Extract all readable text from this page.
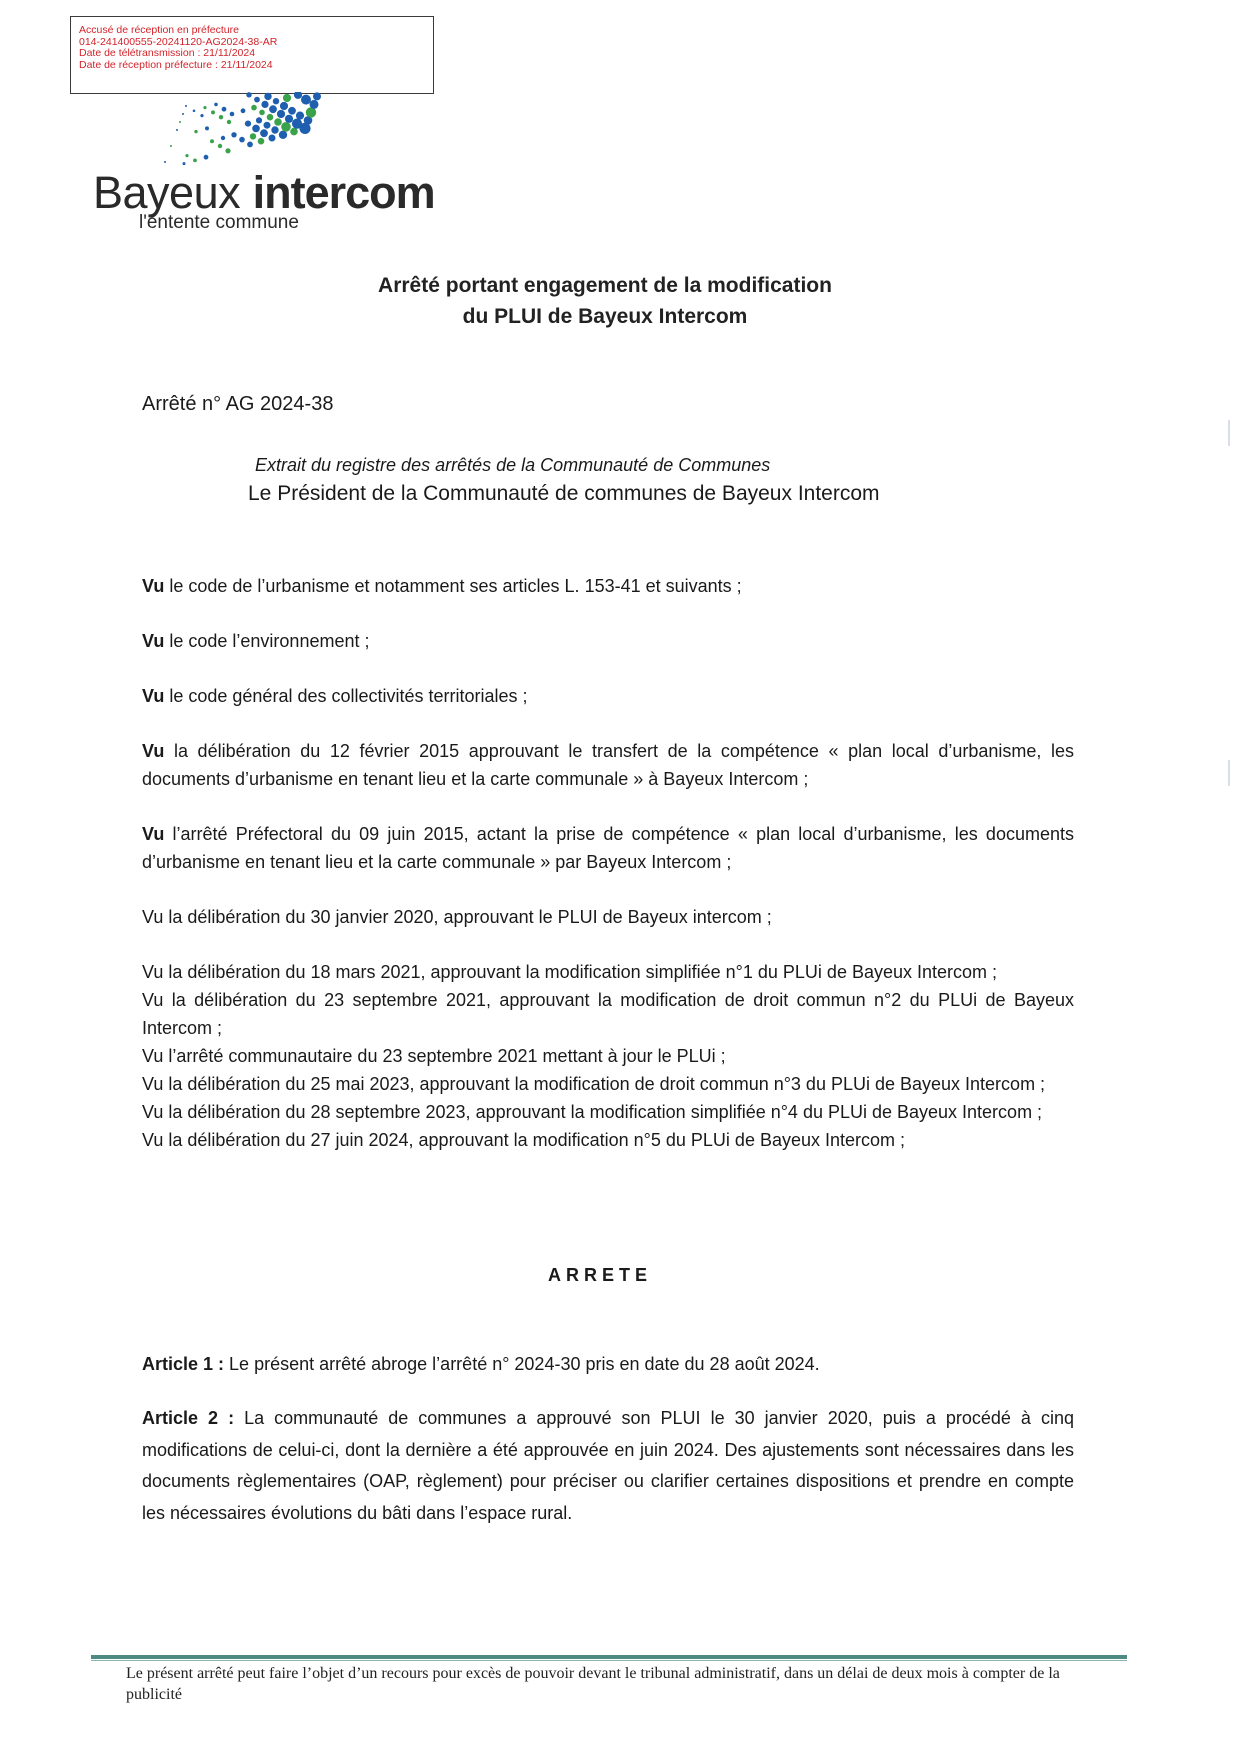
Accusé de réception en préfecture
014-241400555-20241120-AG2024-38-AR
Date de télétransmission : 21/11/2024
Date de réception préfecture : 21/11/2024
Bayeux intercom
l'entente commune
Arrêté portant engagement de la modification
du PLUI de Bayeux Intercom
Arrêté n° AG 2024-38
Extrait du registre des arrêtés de la Communauté de Communes
Le Président de la Communauté de communes de Bayeux Intercom
Vu le code de l’urbanisme et notamment ses articles L. 153-41 et suivants ;
Vu le code l’environnement ;
Vu le code général des collectivités territoriales ;
Vu la délibération du 12 février 2015 approuvant le transfert de la compétence « plan local d’urbanisme, les documents d’urbanisme en tenant lieu et la carte communale » à Bayeux Intercom ;
Vu l’arrêté Préfectoral du 09 juin 2015, actant la prise de compétence « plan local d’urbanisme, les documents d’urbanisme en tenant lieu et la carte communale » par Bayeux Intercom ;
Vu la délibération du 30 janvier 2020, approuvant le PLUI de Bayeux intercom ;
Vu la délibération du 18 mars 2021, approuvant la modification simplifiée n°1 du PLUi de Bayeux Intercom ;
Vu la délibération du 23 septembre 2021, approuvant la modification de droit commun n°2 du PLUi de Bayeux Intercom ;
Vu l’arrêté communautaire du 23 septembre 2021 mettant à jour le PLUi ;
Vu la délibération du 25 mai 2023, approuvant la modification de droit commun n°3 du PLUi de Bayeux Intercom ;
Vu la délibération du 28 septembre 2023, approuvant la modification simplifiée n°4 du PLUi de Bayeux Intercom ;
Vu la délibération du 27 juin 2024, approuvant la modification n°5 du PLUi de Bayeux Intercom ;
ARRETE
Article 1 : Le présent arrêté abroge l’arrêté n° 2024-30 pris en date du 28 août 2024.
Article 2 : La communauté de communes a approuvé son PLUI le 30 janvier 2020, puis a procédé à cinq modifications de celui-ci, dont la dernière a été approuvée en juin 2024. Des ajustements sont nécessaires dans les documents règlementaires (OAP, règlement) pour préciser ou clarifier certaines dispositions et prendre en compte les nécessaires évolutions du bâti dans l’espace rural.
Le présent arrêté peut faire l’objet d’un recours pour excès de pouvoir devant le tribunal administratif, dans un délai de deux mois à compter de la publicité
